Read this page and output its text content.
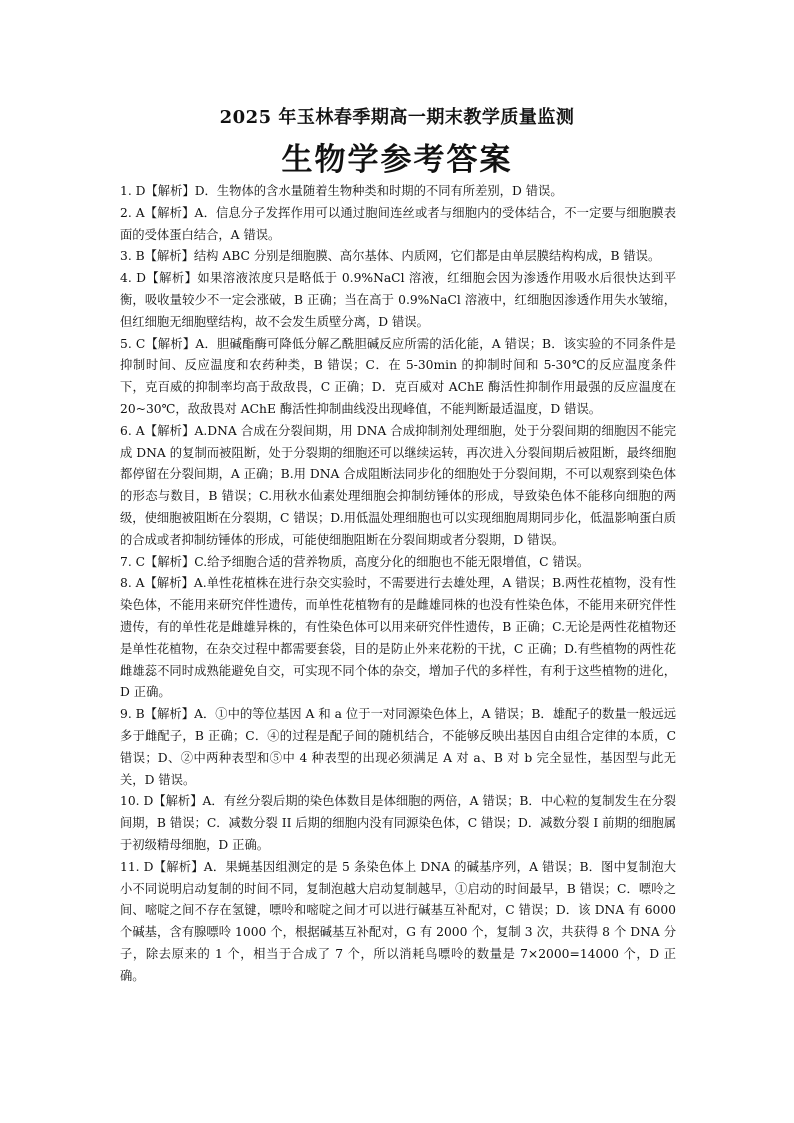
2025 年玉林春季期高一期末教学质量监测
生物学参考答案

1. D【解析】D．生物体的含水量随着生物种类和时期的不同有所差别，D 错误。

2. A【解析】A．信息分子发挥作用可以通过胞间连丝或者与细胞内的受体结合，不一定要与细胞膜表面的受体蛋白结合，A 错误。

3. B【解析】结构 ABC 分别是细胞膜、高尔基体、内质网，它们都是由单层膜结构构成，B 错误。

4. D【解析】如果溶液浓度只是略低于 0.9%NaCl 溶液，红细胞会因为渗透作用吸水后很快达到平衡，吸收量较少不一定会涨破，B 正确；当在高于 0.9%NaCl 溶液中，红细胞因渗透作用失水皱缩，但红细胞无细胞壁结构，故不会发生质壁分离，D 错误。

5. C【解析】A．胆碱酯酶可降低分解乙酰胆碱反应所需的活化能，A 错误；B．该实验的不同条件是抑制时间、反应温度和农药种类，B 错误；C．在 5-30min 的抑制时间和 5-30℃的反应温度条件下，克百威的抑制率均高于敌敌畏，C 正确；D．克百威对 AChE 酶活性抑制作用最强的反应温度在 20~30℃，敌敌畏对 AChE 酶活性抑制曲线没出现峰值，不能判断最适温度，D 错误。

6. A【解析】A.DNA 合成在分裂间期，用 DNA 合成抑制剂处理细胞，处于分裂间期的细胞因不能完成 DNA 的复制而被阻断，处于分裂期的细胞还可以继续运转，再次进入分裂间期后被阻断，最终细胞都停留在分裂间期，A 正确；B.用 DNA 合成阻断法同步化的细胞处于分裂间期，不可以观察到染色体的形态与数目，B 错误；C.用秋水仙素处理细胞会抑制纺锤体的形成，导致染色体不能移向细胞的两级，使细胞被阻断在分裂期，C 错误；D.用低温处理细胞也可以实现细胞周期同步化，低温影响蛋白质的合成或者抑制纺锤体的形成，可能使细胞阻断在分裂间期或者分裂期，D 错误。

7. C【解析】C.给予细胞合适的营养物质，高度分化的细胞也不能无限增值，C 错误。

8. A【解析】A.单性花植株在进行杂交实验时，不需要进行去雄处理，A 错误；B.两性花植物，没有性染色体，不能用来研究伴性遗传，而单性花植物有的是雌雄同株的也没有性染色体，不能用来研究伴性遗传，有的单性花是雌雄异株的，有性染色体可以用来研究伴性遗传，B 正确；C.无论是两性花植物还是单性花植物，在杂交过程中都需要套袋，目的是防止外来花粉的干扰，C 正确；D.有些植物的两性花雌雄蕊不同时成熟能避免自交，可实现不同个体的杂交，增加子代的多样性，有利于这些植物的进化，D 正确。

9. B【解析】A．①中的等位基因 A 和 a 位于一对同源染色体上，A 错误；B．雄配子的数量一般远远多于雌配子，B 正确；C．④的过程是配子间的随机结合，不能够反映出基因自由组合定律的本质，C 错误；D、②中两种表型和⑤中 4 种表型的出现必须满足 A 对 a、B 对 b 完全显性，基因型与此无关，D 错误。

10. D【解析】A．有丝分裂后期的染色体数目是体细胞的两倍，A 错误；B．中心粒的复制发生在分裂间期，B 错误；C．减数分裂 II 后期的细胞内没有同源染色体，C 错误；D．减数分裂 I 前期的细胞属于初级精母细胞，D 正确。

11. D【解析】A．果蝇基因组测定的是 5 条染色体上 DNA 的碱基序列，A 错误；B．图中复制泡大小不同说明启动复制的时间不同，复制泡越大启动复制越早，①启动的时间最早，B 错误；C．嘌呤之间、嘧啶之间不存在氢键，嘌呤和嘧啶之间才可以进行碱基互补配对，C 错误；D．该 DNA 有 6000 个碱基，含有腺嘌呤 1000 个，根据碱基互补配对，G 有 2000 个，复制 3 次，共获得 8 个 DNA 分子，除去原来的 1 个，相当于合成了 7 个，所以消耗鸟嘌呤的数量是 7×2000=14000 个，D 正确。
